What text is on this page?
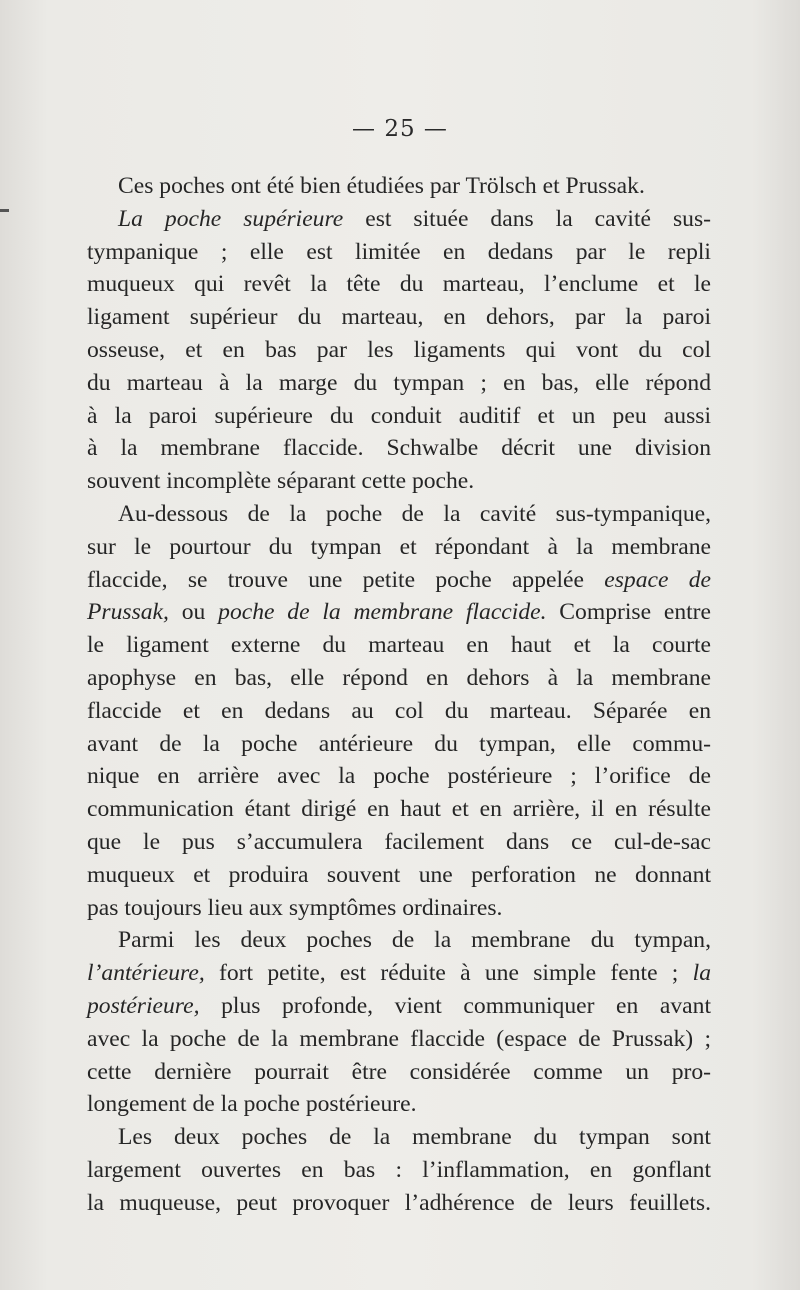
— 25 —
Ces poches ont été bien étudiées par Trölsch et Prussak.
La poche supérieure est située dans la cavité sus-
tympanique ; elle est limitée en dedans par le repli
muqueux qui revêt la tête du marteau, l’enclume et le
ligament supérieur du marteau, en dehors, par la paroi
osseuse, et en bas par les ligaments qui vont du col
du marteau à la marge du tympan ; en bas, elle répond
à la paroi supérieure du conduit auditif et un peu aussi
à la membrane flaccide. Schwalbe décrit une division
souvent incomplète séparant cette poche.
Au-dessous de la poche de la cavité sus-tympanique,
sur le pourtour du tympan et répondant à la membrane
flaccide, se trouve une petite poche appelée espace de
Prussak, ou poche de la membrane flaccide. Comprise entre
le ligament externe du marteau en haut et la courte
apophyse en bas, elle répond en dehors à la membrane
flaccide et en dedans au col du marteau. Séparée en
avant de la poche antérieure du tympan, elle commu-
nique en arrière avec la poche postérieure ; l’orifice de
communication étant dirigé en haut et en arrière, il en résulte
que le pus s’accumulera facilement dans ce cul-de-sac
muqueux et produira souvent une perforation ne donnant
pas toujours lieu aux symptômes ordinaires.
Parmi les deux poches de la membrane du tympan,
l’antérieure, fort petite, est réduite à une simple fente ; la
postérieure, plus profonde, vient communiquer en avant
avec la poche de la membrane flaccide (espace de Prussak) ;
cette dernière pourrait être considérée comme un pro-
longement de la poche postérieure.
Les deux poches de la membrane du tympan sont
largement ouvertes en bas : l’inflammation, en gonflant
la muqueuse, peut provoquer l’adhérence de leurs feuillets.
